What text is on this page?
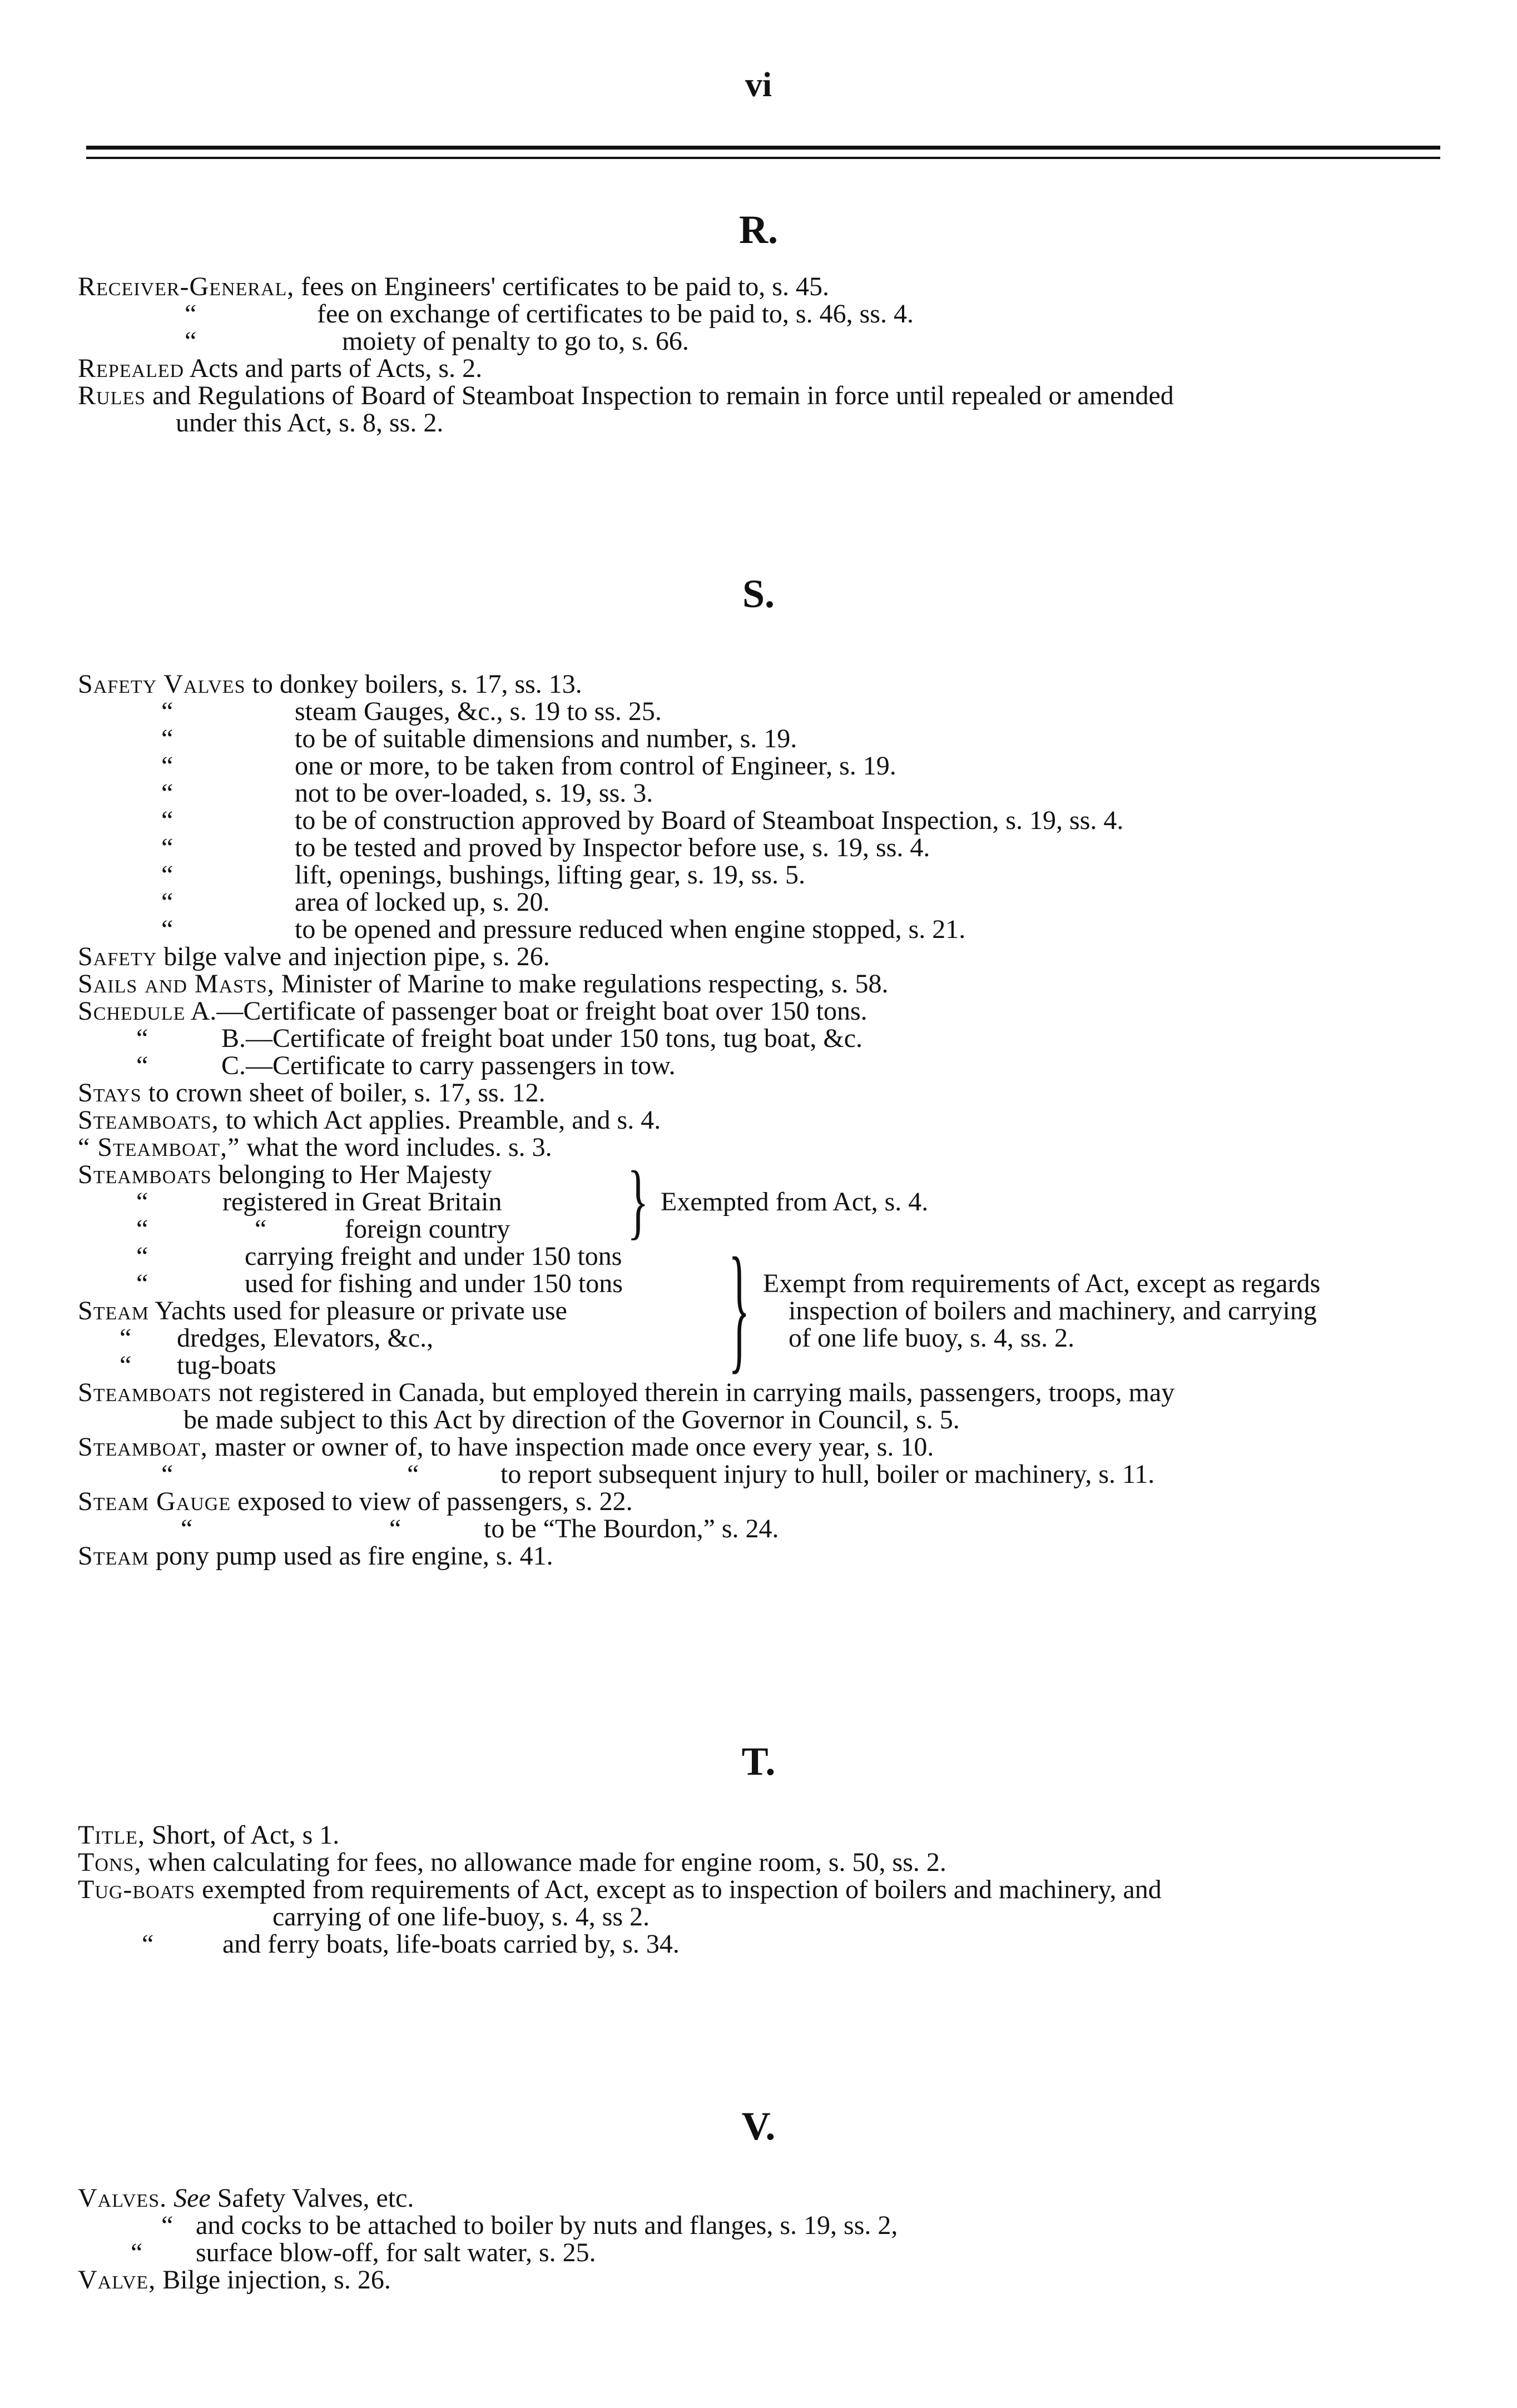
vi
R.
Receiver-General, fees on Engineers' certificates to be paid to, s. 45.
“	fee on exchange of certificates to be paid to, s. 46, ss. 4.
“	moiety of penalty to go to, s. 66.
Repealed Acts and parts of Acts, s. 2.
Rules and Regulations of Board of Steamboat Inspection to remain in force until repealed or amended
under this Act, s. 8, ss. 2.
S.
Safety Valves to donkey boilers, s. 17, ss. 13.
“	steam Gauges, &c., s. 19 to ss. 25.
“	to be of suitable dimensions and number, s. 19.
“	one or more, to be taken from control of Engineer, s. 19.
“	not to be over-loaded, s. 19, ss. 3.
“	to be of construction approved by Board of Steamboat Inspection, s. 19, ss. 4.
“	to be tested and proved by Inspector before use, s. 19, ss. 4.
“	lift, openings, bushings, lifting gear, s. 19, ss. 5.
“	area of locked up, s. 20.
“	to be opened and pressure reduced when engine stopped, s. 21.
Safety bilge valve and injection pipe, s. 26.
Sails and Masts, Minister of Marine to make regulations respecting, s. 58.
Schedule A.—Certificate of passenger boat or freight boat over 150 tons.
“	B.—Certificate of freight boat under 150 tons, tug boat, &c.
“	C.—Certificate to carry passengers in tow.
Stays to crown sheet of boiler, s. 17, ss. 12.
Steamboats, to which Act applies. Preamble, and s. 4.
“ Steamboat,” what the word includes. s. 3.
Steamboats belonging to Her Majesty
“	registered in Great Britain
“	“	foreign country	} Exempted from Act, s. 4.
“	carrying freight and under 150 tons
“	used for fishing and under 150 tons
Steam Yachts used for pleasure or private use
“ dredges, Elevators, &c.,
“ tug-boats	} Exempt from requirements of Act, except as regards
inspection of boilers and machinery, and carrying
of one life buoy, s. 4, ss. 2.
Steamboats not registered in Canada, but employed therein in carrying mails, passengers, troops, may
be made subject to this Act by direction of the Governor in Council, s. 5.
Steamboat, master or owner of, to have inspection made once every year, s. 10.
“	“	to report subsequent injury to hull, boiler or machinery, s. 11.
Steam Gauge exposed to view of passengers, s. 22.
“	“	to be “The Bourdon,” s. 24.
Steam pony pump used as fire engine, s. 41.
T.
Title, Short, of Act, s 1.
Tons, when calculating for fees, no allowance made for engine room, s. 50, ss. 2.
Tug-boats exempted from requirements of Act, except as to inspection of boilers and machinery, and
carrying of one life-buoy, s. 4, ss 2.
“	and ferry boats, life-boats carried by, s. 34.
V.
Valves. See Safety Valves, etc.
“ and cocks to be attached to boiler by nuts and flanges, s. 19, ss. 2,
“ surface blow-off, for salt water, s. 25.
Valve, Bilge injection, s. 26.
